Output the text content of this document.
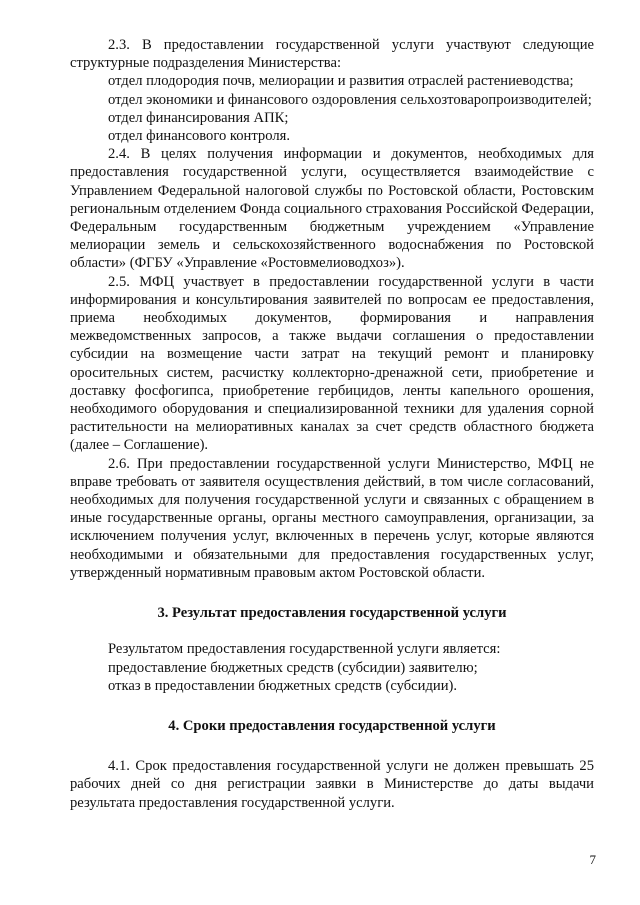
2.3. В предоставлении государственной услуги участвуют следующие структурные подразделения Министерства:

отдел плодородия почв, мелиорации и развития отраслей растениеводства;

отдел экономики и финансового оздоровления сельхозтоваропроизводителей;

отдел финансирования АПК;

отдел финансового контроля.

2.4. В целях получения информации и документов, необходимых для предоставления государственной услуги, осуществляется взаимодействие с Управлением Федеральной налоговой службы по Ростовской области, Ростовским региональным отделением Фонда социального страхования Российской Федерации, Федеральным государственным бюджетным учреждением «Управление мелиорации земель и сельскохозяйственного водоснабжения по Ростовской области» (ФГБУ «Управление «Ростовмелиоводхоз»).

2.5. МФЦ участвует в предоставлении государственной услуги в части информирования и консультирования заявителей по вопросам ее предоставления, приема необходимых документов, формирования и направления межведомственных запросов, а также выдачи соглашения о предоставлении субсидии на возмещение части затрат на текущий ремонт и планировку оросительных систем, расчистку коллекторно-дренажной сети, приобретение и доставку фосфогипса, приобретение гербицидов, ленты капельного орошения, необходимого оборудования и специализированной техники для удаления сорной растительности на мелиоративных каналах за счет средств областного бюджета (далее – Соглашение).

2.6. При предоставлении государственной услуги Министерство, МФЦ не вправе требовать от заявителя осуществления действий, в том числе согласований, необходимых для получения государственной услуги и связанных с обращением в иные государственные органы, органы местного самоуправления, организации, за исключением получения услуг, включенных в перечень услуг, которые являются необходимыми и обязательными для предоставления государственных услуг, утвержденный нормативным правовым актом Ростовской области.

3. Результат предоставления государственной услуги

Результатом предоставления государственной услуги является:

предоставление бюджетных средств (субсидии) заявителю;

отказ в предоставлении бюджетных средств (субсидии).

4. Сроки предоставления государственной услуги

4.1. Срок предоставления государственной услуги не должен превышать 25 рабочих дней со дня регистрации заявки в Министерстве до даты выдачи результата предоставления государственной услуги.

7
